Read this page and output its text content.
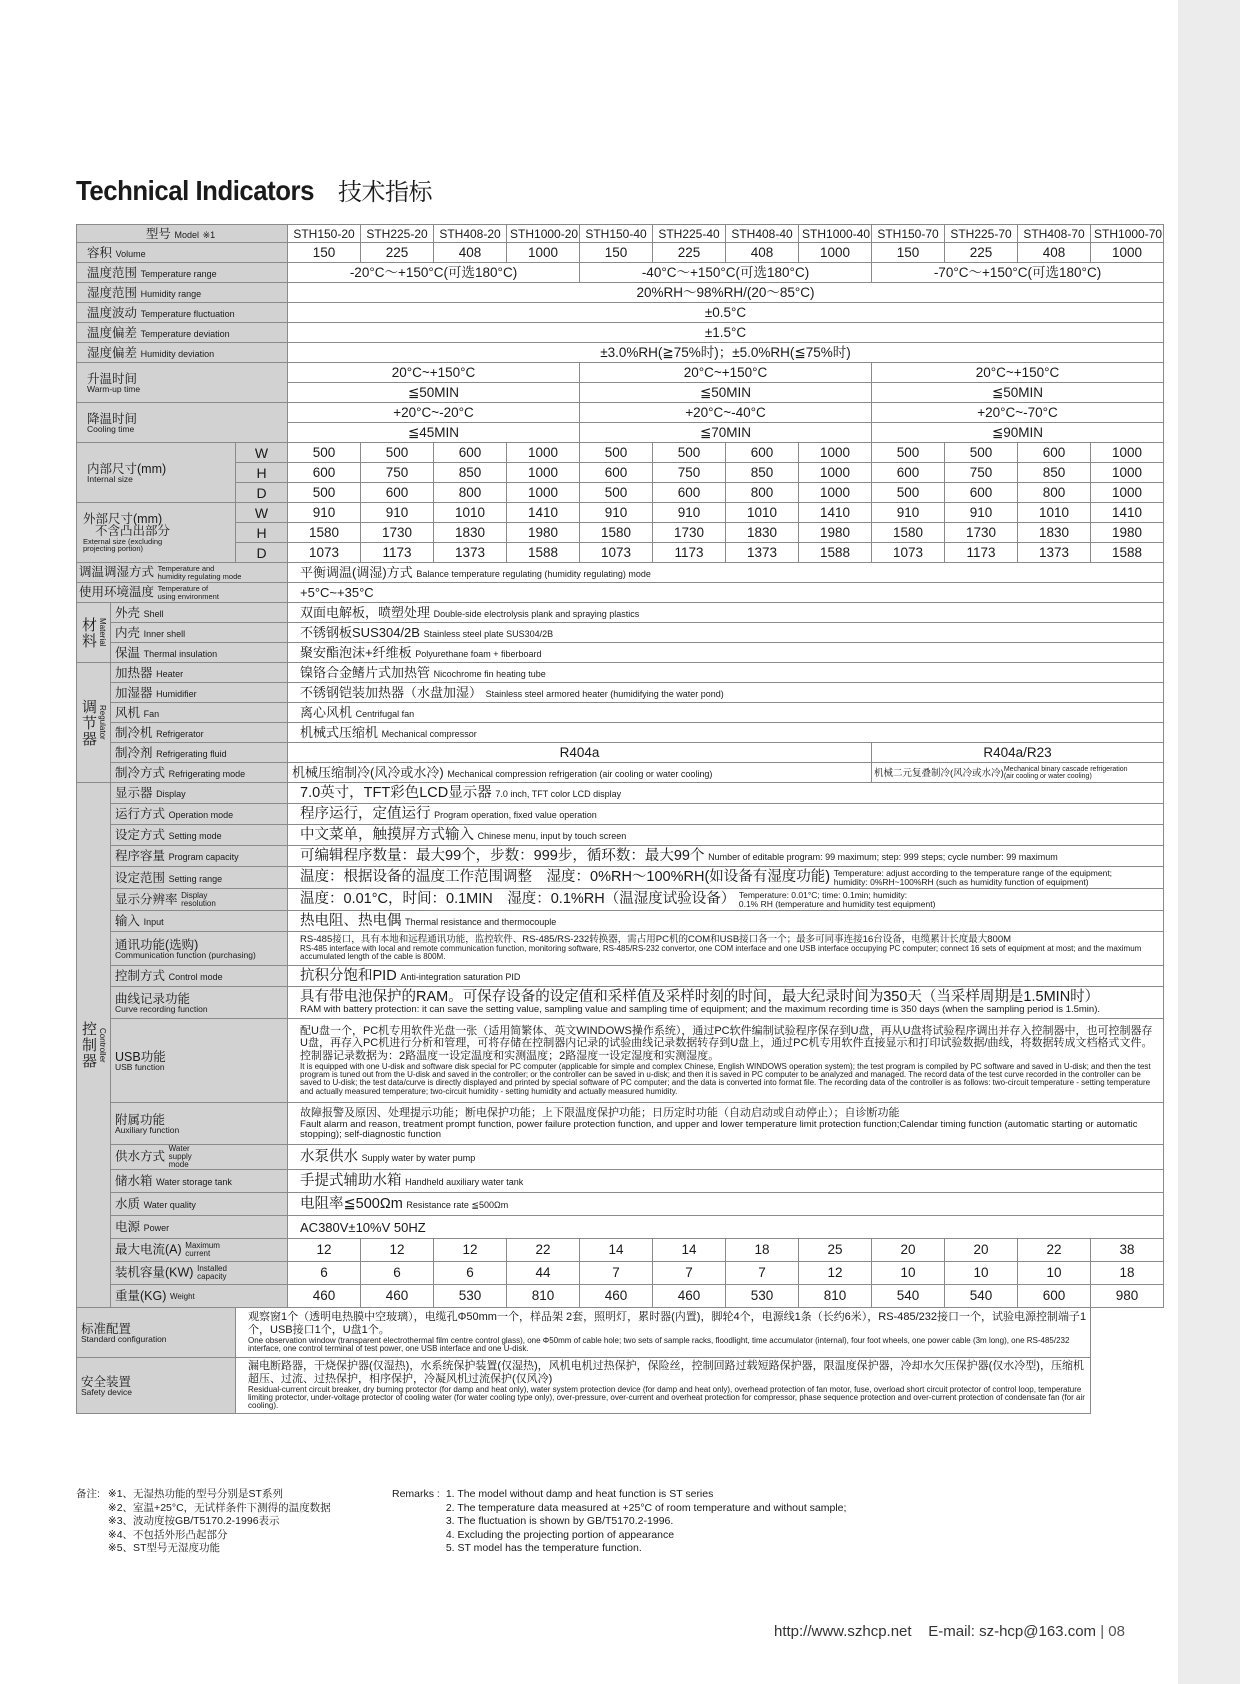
Technical Indicators 技术指标
型号 Model ※1			STH150-20	STH225-20	STH408-20	STH1000-20	STH150-40	STH225-40	STH408-40	STH1000-40	STH150-70	STH225-70	STH408-70	STH1000-70
容积 Volume			150	225	408	1000	150	225	408	1000	150	225	408	1000
温度范围 Temperature range			-20°C～+150°C(可选180°C)				-40°C～+150°C(可选180°C)				-70°C～+150°C(可选180°C)			
湿度范围 Humidity range			20%RH～98%RH/(20～85°C)											
温度波动 Temperature fluctuation			±0.5°C											
温度偏差 Temperature deviation			±1.5°C											
湿度偏差 Humidity deviation			±3.0%RH(≧75%时)；±5.0%RH(≦75%时)											
升温时间
Warm-up time			20°C~+150°C				20°C~+150°C				20°C~+150°C			
			≦50MIN				≦50MIN				≦50MIN			
降温时间
Cooling time			+20°C~-20°C				+20°C~-40°C				+20°C~-70°C			
			≦45MIN				≦70MIN				≦90MIN			
内部尺寸(mm)
Internal size		W	500	500	600	1000	500	500	600	1000	500	500	600	1000
		H	600	750	850	1000	600	750	850	1000	600	750	850	1000
		D	500	600	800	1000	500	600	800	1000	500	600	800	1000

外部尺寸(mm)
不含凸出部分
External size (excluding projecting portion)		W	910	910	1010	1410	910	910	1010	1410	910	910	1010	1410
		H	1580	1730	1830	1980	1580	1730	1830	1980	1580	1730	1830	1980
		D	1073	1173	1373	1588	1073	1173	1373	1588	1073	1173	1373	1588
调温调湿方式 Temperature and humidity regulating mode			平衡调温(调湿)方式 Balance temperature regulating (humidity regulating) mode											
使用环境温度 Temperature of using environment			+5°C~+35°C											

材料 Material	外壳 Shell		双面电解板，喷塑处理 Double-side electrolysis plank and spraying plastics											
	内壳 Inner shell		不锈钢板SUS304/2B Stainless steel plate SUS304/2B											
	保温 Thermal insulation		聚安酯泡沫+纤维板 Polyurethane foam + fiberboard											

调节器 Regulator	加热器 Heater		镍铬合金鳍片式加热管 Nicochrome fin heating tube											
	加湿器 Humidifier		不锈钢铠装加热器（水盘加湿） Stainless steel armored heater (humidifying the water pond)											
	风机 Fan		离心风机 Centrifugal fan											
	制冷机 Refrigerator		机械式压缩机 Mechanical compressor											
	制冷剂 Refrigerating fluid		R404a								R404a/R23			
	制冷方式 Refrigerating mode		机械压缩制冷(风冷或水冷) Mechanical compression refrigeration (air cooling or water cooling)								机械二元复叠制冷(风冷或水冷)Mechanical binary cascade refrigeration (air cooling or water cooling)			

控制器 Controller	显示器 Display		7.0英寸，TFT彩色LCD显示器 7.0 inch, TFT color LCD display											
	运行方式 Operation mode		程序运行，定值运行 Program operation, fixed value operation											
	设定方式 Setting mode		中文菜单，触摸屏方式输入 Chinese menu, input by touch screen											
	程序容量 Program capacity		可编辑程序数量：最大99个，步数：999步，循环数：最大99个 Number of editable program: 99 maximum; step: 999 steps; cycle number: 99 maximum											
	设定范围 Setting range		温度：根据设备的温度工作范围调整　湿度：0%RH～100%RH(如设备有湿度功能) Temperature: adjust according to the temperature range of the equipment;
humidity: 0%RH~100%RH (such as humidity function of equipment)											

	显示分辨率 Display resolution		温度：0.01°C，时间：0.1MIN　湿度：0.1%RH（温湿度试验设备） Temperature: 0.01°C; time: 0.1min; humidity:
0.1% RH (temperature and humidity test equipment)											

	输入 Input		热电阻、热电偶 Thermal resistance and thermocouple											
	通讯功能(选购)
Communication function (purchasing)		RS-485接口，具有本地和远程通讯功能，监控软件、RS-485/RS-232转换器，需占用PC机的COM和USB接口各一个；最多可同事连接16台设备，电缆累计长度最大800M
RS-485 interface with local and remote communication function, monitoring software, RS-485/RS-232 convertor, one COM interface and one USB interface occupying PC computer; connect 16 sets of equipment at most; and the maximum accumulated length of the cable is 800M.											

	控制方式 Control mode		抗积分饱和PID Anti-integration saturation PID											
	曲线记录功能
Curve recording function		具有带电池保护的RAM。可保存设备的设定值和采样值及采样时刻的时间，最大纪录时间为350天（当采样周期是1.5MIN时）
RAM with battery protection: it can save the setting value, sampling value and sampling time of equipment; and the maximum recording time is 350 days (when the sampling period is 1.5min).											

	USB功能
USB function		配U盘一个，PC机专用软件光盘一张（适用简繁体、英文WINDOWS操作系统），通过PC软件编制试验程序保存到U盘，再从U盘将试验程序调出并存入控制器中，也可控制器存U盘，再存入PC机进行分析和管理，可将存储在控制器内记录的试验曲线记录数据转存到U盘上，通过PC机专用软件直接显示和打印试验数据/曲线，将数据转成文档格式文件。控制器记录数据为：2路温度一设定温度和实测温度；2路湿度一设定湿度和实测湿度。
It is equipped with one U-disk and software disk special for PC computer (applicable for simple and complex Chinese, English WINDOWS operation system); the test program is compiled by PC software and saved in U-disk; and then the test program is tuned out from the U-disk and saved in the controller; or the controller can be saved in u-disk; and then it is saved in PC computer to be analyzed and managed. The record data of the test curve recorded in the controller can be saved to U-disk; the test data/curve is directly displayed and printed by special software of PC computer; and the data is converted into format file. The recording data of the controller is as follows: two-circuit temperature - setting temperature and actually measured temperature; two-circuit humidity - setting humidity and actually measured humidity.											

	附属功能
Auxiliary function		故障报警及原因、处理提示功能；断电保护功能；上下限温度保护功能；日历定时功能（自动启动或自动停止）；自诊断功能
Fault alarm and reason, treatment prompt function, power failure protection function, and upper and lower temperature limit protection function;Calendar timing function (automatic starting or automatic stopping); self-diagnostic function											

	供水方式 Water supply mode		水泵供水 Supply water by water pump											
	储水箱 Water storage tank		手提式辅助水箱 Handheld auxiliary water tank											
	水质 Water quality		电阻率≦500Ωm Resistance rate ≦500Ωm											
	电源 Power		AC380V±10%V 50HZ											
	最大电流(A) Maximum current		12	12	12	22	14	14	18	25	20	20	22	38
	装机容量(KW) Installed capacity		6	6	6	44	7	7	7	12	10	10	10	18
	重量(KG) Weight		460	460	530	810	460	460	530	810	540	540	600	980
标准配置
Standard configuration		观察窗1个（透明电热膜中空玻璃），电缆孔Φ50mm一个，样品架 2套，照明灯，累时器(内置)，脚轮4个，电源线1条（长约6米），RS-485/232接口一个，试验电源控制端子1个，USB接口1个，U盘1个。
One observation window (transparent electrothermal film centre control glass), one Φ50mm of cable hole; two sets of sample racks, floodlight, time accumulator (internal), four foot wheels, one power cable (3m long), one RS-485/232 interface, one control terminal of test power, one USB interface and one U-disk.												

安全装置
Safety device		漏电断路器，干烧保护器(仅湿热)，水系统保护装置(仅湿热)，风机电机过热保护，保险丝，控制回路过载短路保护器，限温度保护器，冷却水欠压保护器(仅水冷型)，压缩机超压、过流、过热保护，相序保护，冷凝风机过流保护(仅风冷)
Residual-current circuit breaker, dry burning protector (for damp and heat only), water system protection device (for damp and heat only), overhead protection of fan motor, fuse, overload short circuit protector of control loop, temperature limiting protector, under-voltage protector of cooling water (for water cooling type only), over-pressure, over-current and overheat protection for compressor, phase sequence protection and over-current protection of condensate fan (for air cooling).												
备注: ※1、无湿热功能的型号分别是ST系列
※2、室温+25°C，无试样条件下测得的温度数据
※3、波动度按GB/T5170.2-1996表示
※4、不包括外形凸起部分
※5、ST型号无湿度功能
Remarks : 1. The model without damp and heat function is ST series
2. The temperature data measured at +25°C of room temperature and without sample;
3. The fluctuation is shown by GB/T5170.2-1996.
4. Excluding the projecting portion of appearance
5. ST model has the temperature function.
http://www.szhcp.net E-mail: sz-hcp@163.com | 08
